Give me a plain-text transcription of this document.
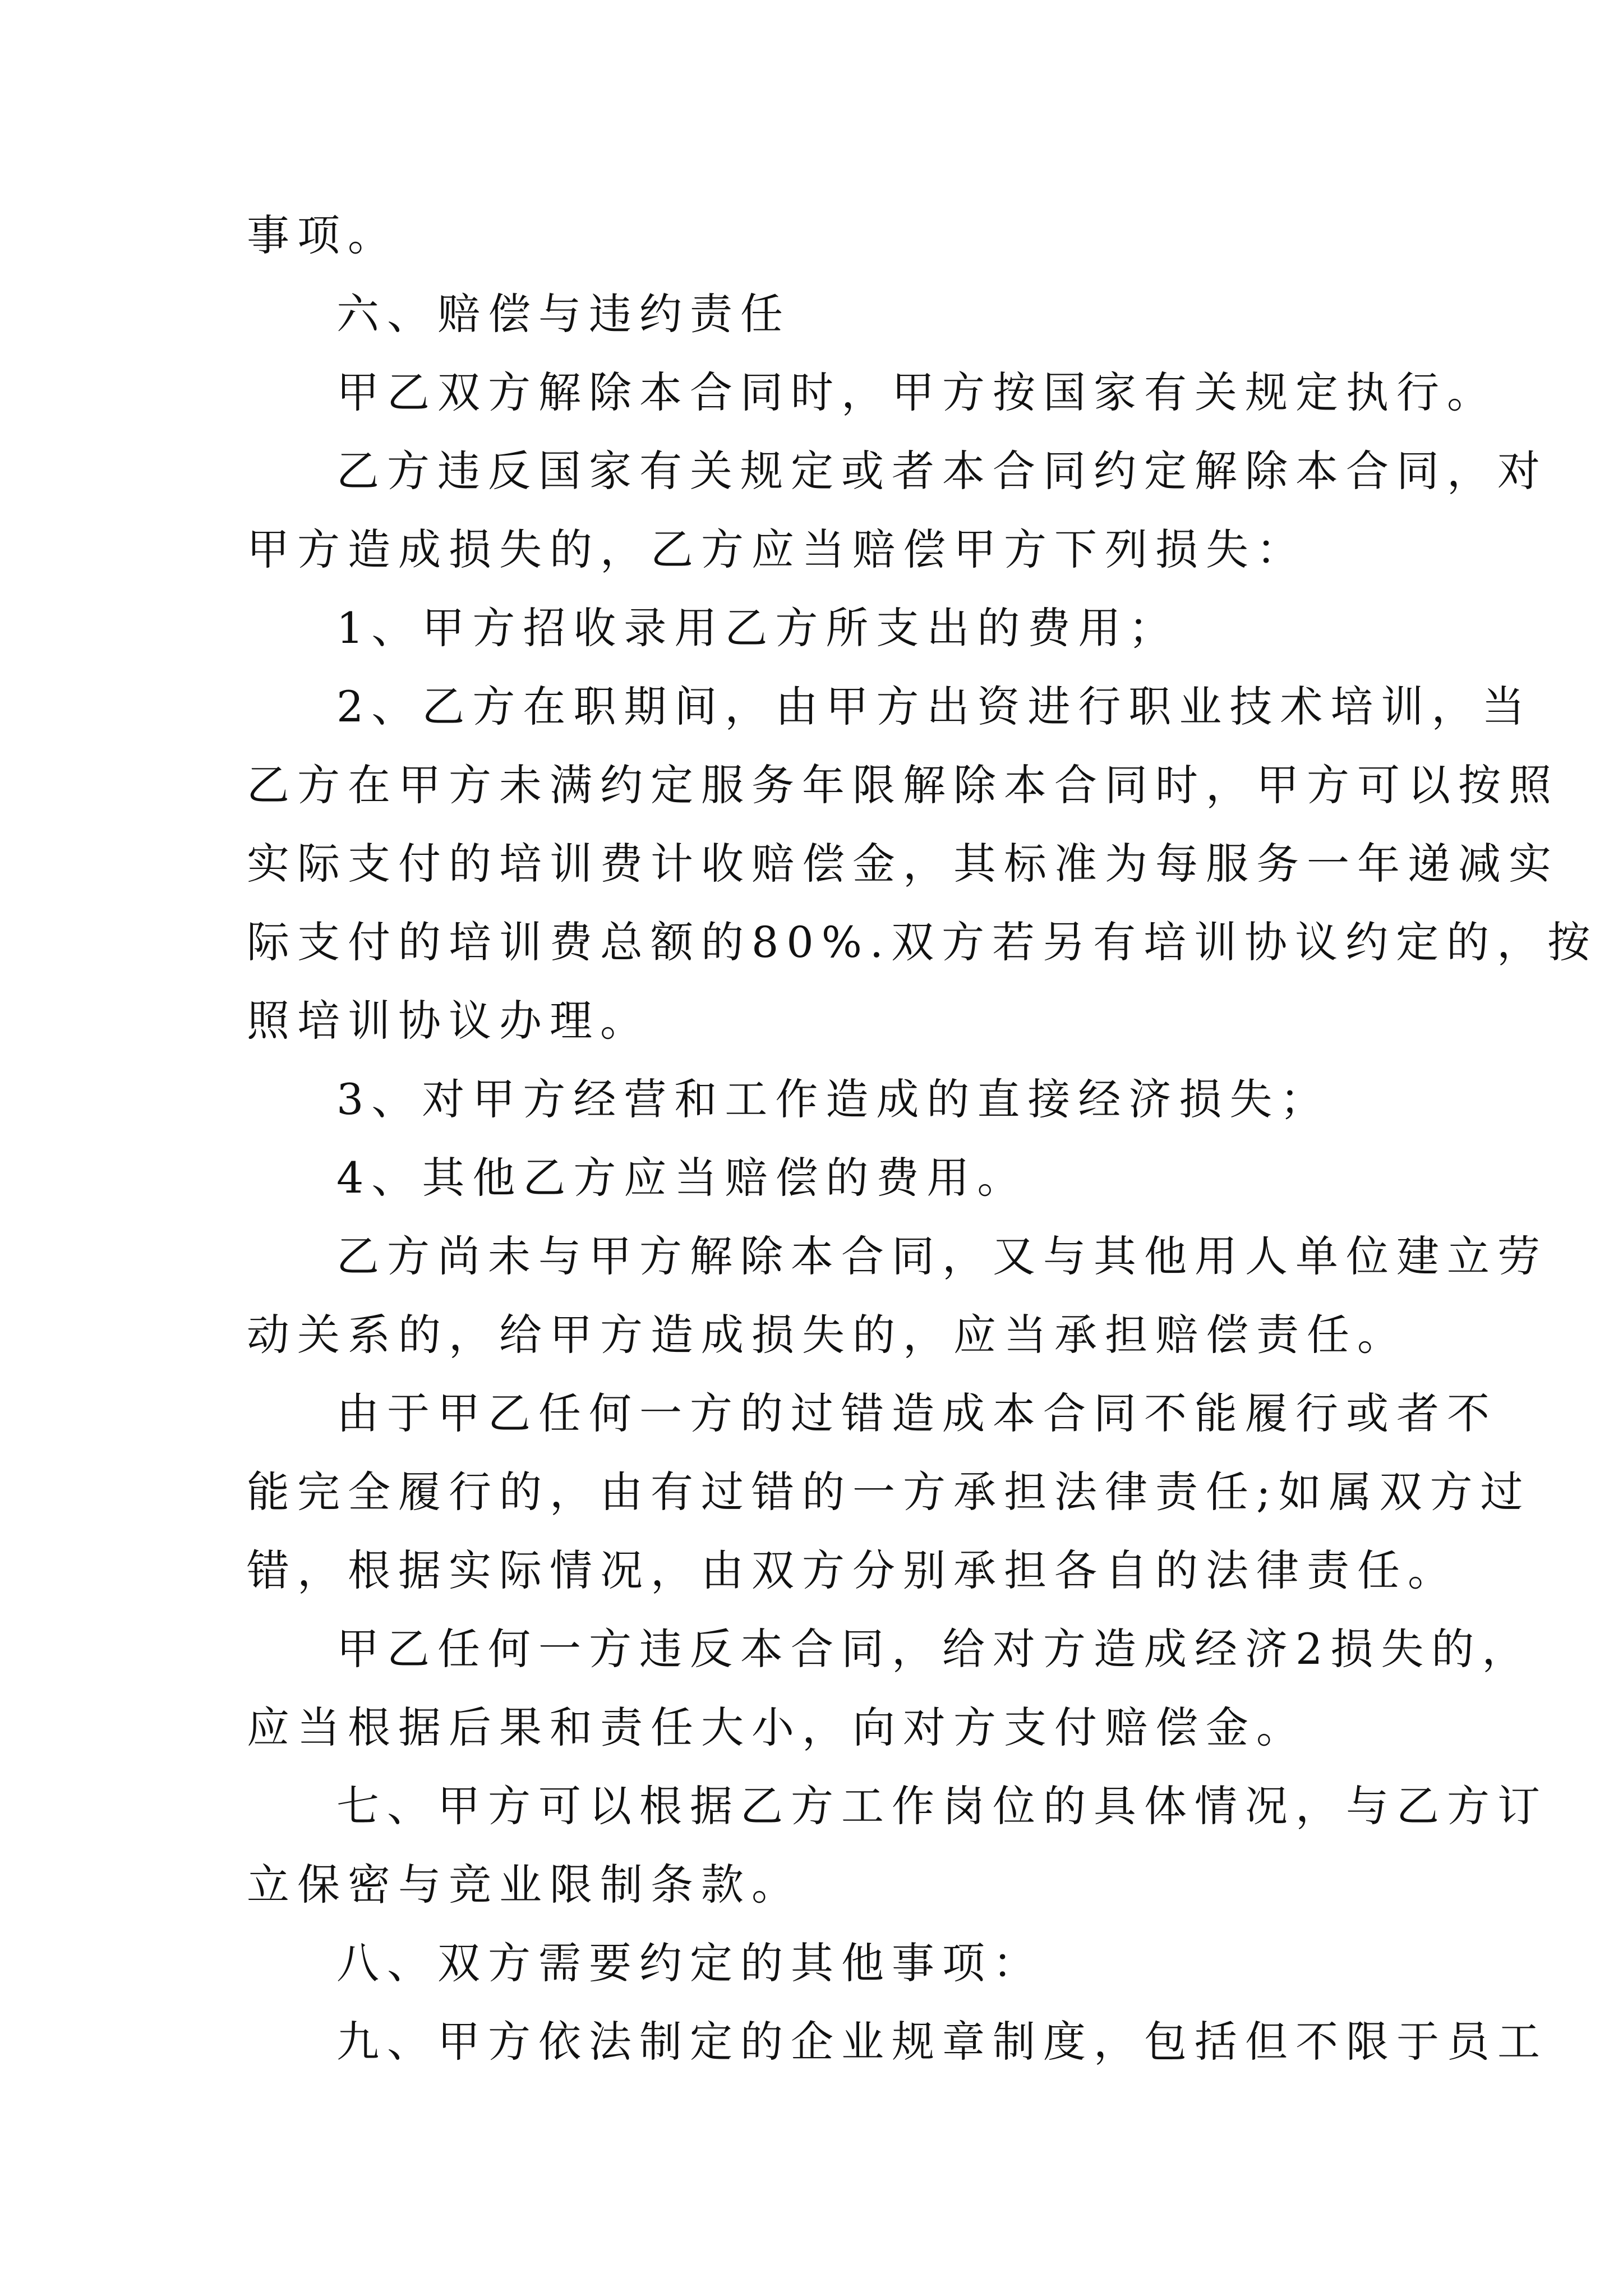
事项。

六、赔偿与违约责任

甲乙双方解除本合同时，甲方按国家有关规定执行。

乙方违反国家有关规定或者本合同约定解除本合同，对

甲方造成损失的，乙方应当赔偿甲方下列损失：

1、甲方招收录用乙方所支出的费用；

2、乙方在职期间，由甲方出资进行职业技术培训，当

乙方在甲方未满约定服务年限解除本合同时，甲方可以按照

实际支付的培训费计收赔偿金，其标准为每服务一年递减实

际支付的培训费总额的80%.双方若另有培训协议约定的，按

照培训协议办理。

3、对甲方经营和工作造成的直接经济损失；

4、其他乙方应当赔偿的费用。

乙方尚未与甲方解除本合同，又与其他用人单位建立劳

动关系的，给甲方造成损失的，应当承担赔偿责任。

由于甲乙任何一方的过错造成本合同不能履行或者不

能完全履行的，由有过错的一方承担法律责任;如属双方过

错，根据实际情况，由双方分别承担各自的法律责任。

甲乙任何一方违反本合同，给对方造成经济2损失的，

应当根据后果和责任大小，向对方支付赔偿金。

七、甲方可以根据乙方工作岗位的具体情况，与乙方订

立保密与竞业限制条款。

八、双方需要约定的其他事项：

九、甲方依法制定的企业规章制度，包括但不限于员工
